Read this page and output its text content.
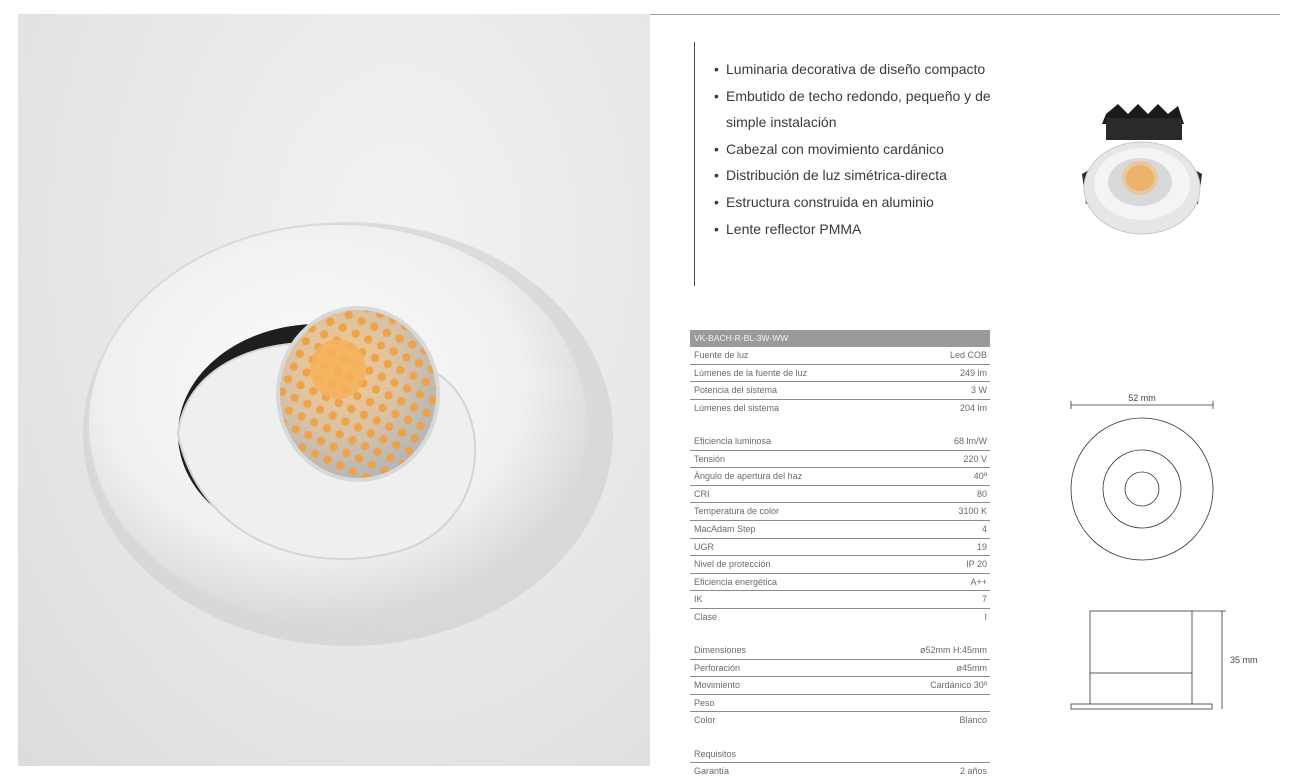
• Luminaria decorativa de diseño compacto
• Embutido de techo redondo, pequeño y de simple instalación
• Cabezal con movimiento cardánico
• Distribución de luz simétrica-directa
• Estructura construida en aluminio
• Lente reflector PMMA
VK-BACH-R-BL-3W-WW
Fuente de luz	Led COB
Lúmenes de la fuente de luz	249 lm
Potencia del sistema	3 W
Lúmenes del sistema	204 lm
Eficiencia luminosa	68 lm/W
Tensión	220 V
Ángulo de apertura del haz	40º
CRI	80
Temperatura de color	3100 K
MacAdam Step	4
UGR	19
Nivel de protección	IP 20
Eficiencia energética	A++
IK	7
Clase	I
Dimensiones	ø52mm H:45mm
Perforación	ø45mm
Movimiento	Cardánico 30º
Peso
Color	Blanco
Requisitos
Garantía	2 años
52 mm
35 mm
